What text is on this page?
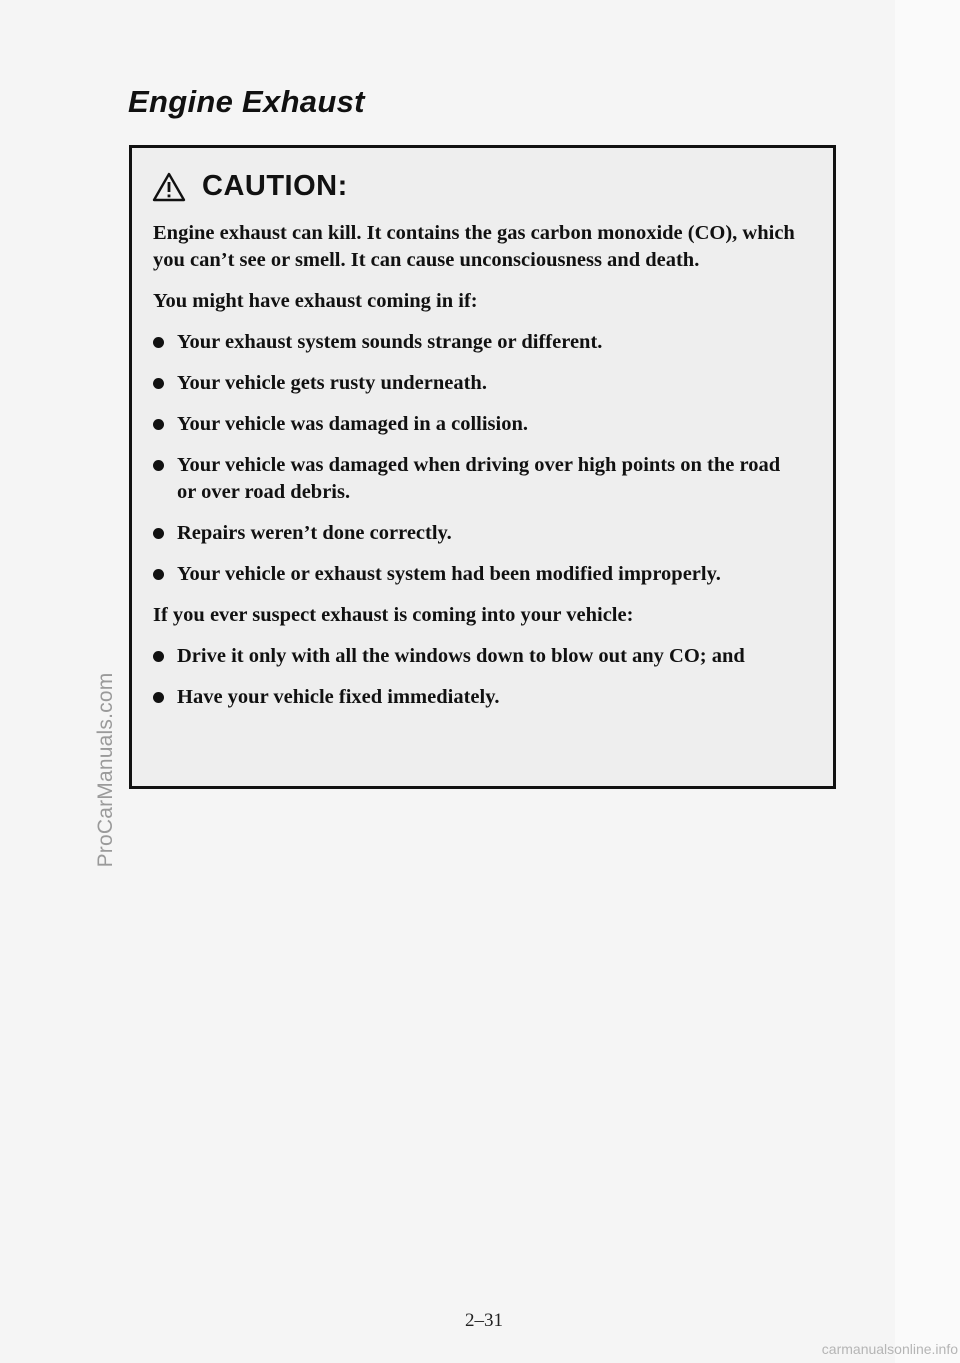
ProCarManuals.com
Engine Exhaust
CAUTION:

Engine exhaust can kill. It contains the gas carbon monoxide (CO), which you can’t see or smell. It can cause unconsciousness and death.

You might have exhaust coming in if:

Your exhaust system sounds strange or different.
Your vehicle gets rusty underneath.
Your vehicle was damaged in a collision.
Your vehicle was damaged when driving over high points on the road or over road debris.
Repairs weren’t done correctly.
Your vehicle or exhaust system had been modified improperly.

If you ever suspect exhaust is coming into your vehicle:

Drive it only with all the windows down to blow out any CO; and
Have your vehicle fixed immediately.
2–31
carmanualsonline.info
